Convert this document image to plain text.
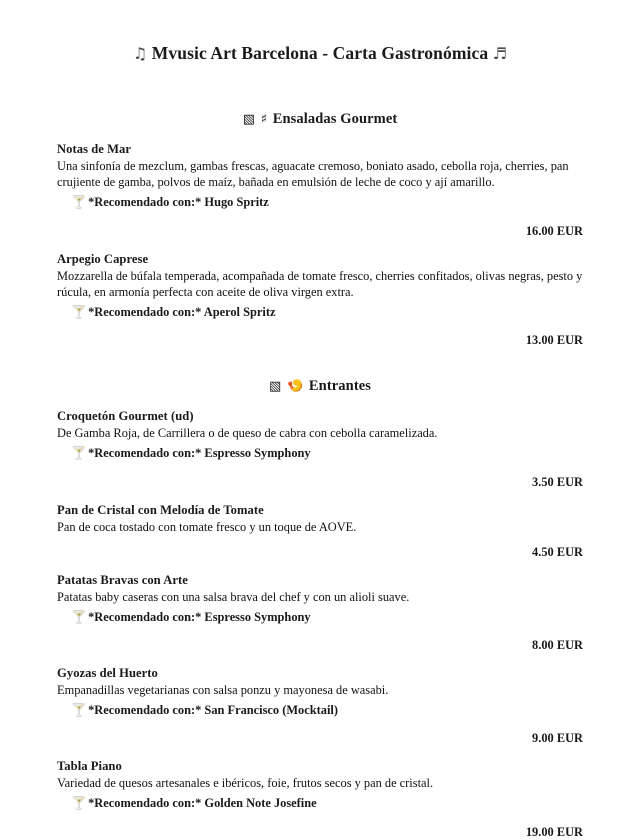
♫ Mvusic Art Barcelona - Carta Gastronómica ♬
▧ ♯ Ensaladas Gourmet
Notas de Mar
Una sinfonía de mezclum, gambas frescas, aguacate cremoso, boniato asado, cebolla roja, cherries, pan crujiente de gamba, polvos de maíz, bañada en emulsión de leche de coco y ají amarillo.
🍸 *Recomendado con:* Hugo Spritz
16.00 EUR
Arpegio Caprese
Mozzarella de búfala temperada, acompañada de tomate fresco, cherries confitados, olivas negras, pesto y rúcula, en armonía perfecta con aceite de oliva virgen extra.
🍸 *Recomendado con:* Aperol Spritz
13.00 EUR
▧ 🍤 Entrantes
Croquetón Gourmet (ud)
De Gamba Roja, de Carrillera o de queso de cabra con cebolla caramelizada.
🍸 *Recomendado con:* Espresso Symphony
3.50 EUR
Pan de Cristal con Melodía de Tomate
Pan de coca tostado con tomate fresco y un toque de AOVE.
4.50 EUR
Patatas Bravas con Arte
Patatas baby caseras con una salsa brava del chef y con un alioli suave.
🍸 *Recomendado con:* Espresso Symphony
8.00 EUR
Gyozas del Huerto
Empanadillas vegetarianas con salsa ponzu y mayonesa de wasabi.
🍸 *Recomendado con:* San Francisco (Mocktail)
9.00 EUR
Tabla Piano
Variedad de quesos artesanales e ibéricos, foie, frutos secos y pan de cristal.
🍸 *Recomendado con:* Golden Note Josefine
19.00 EUR
